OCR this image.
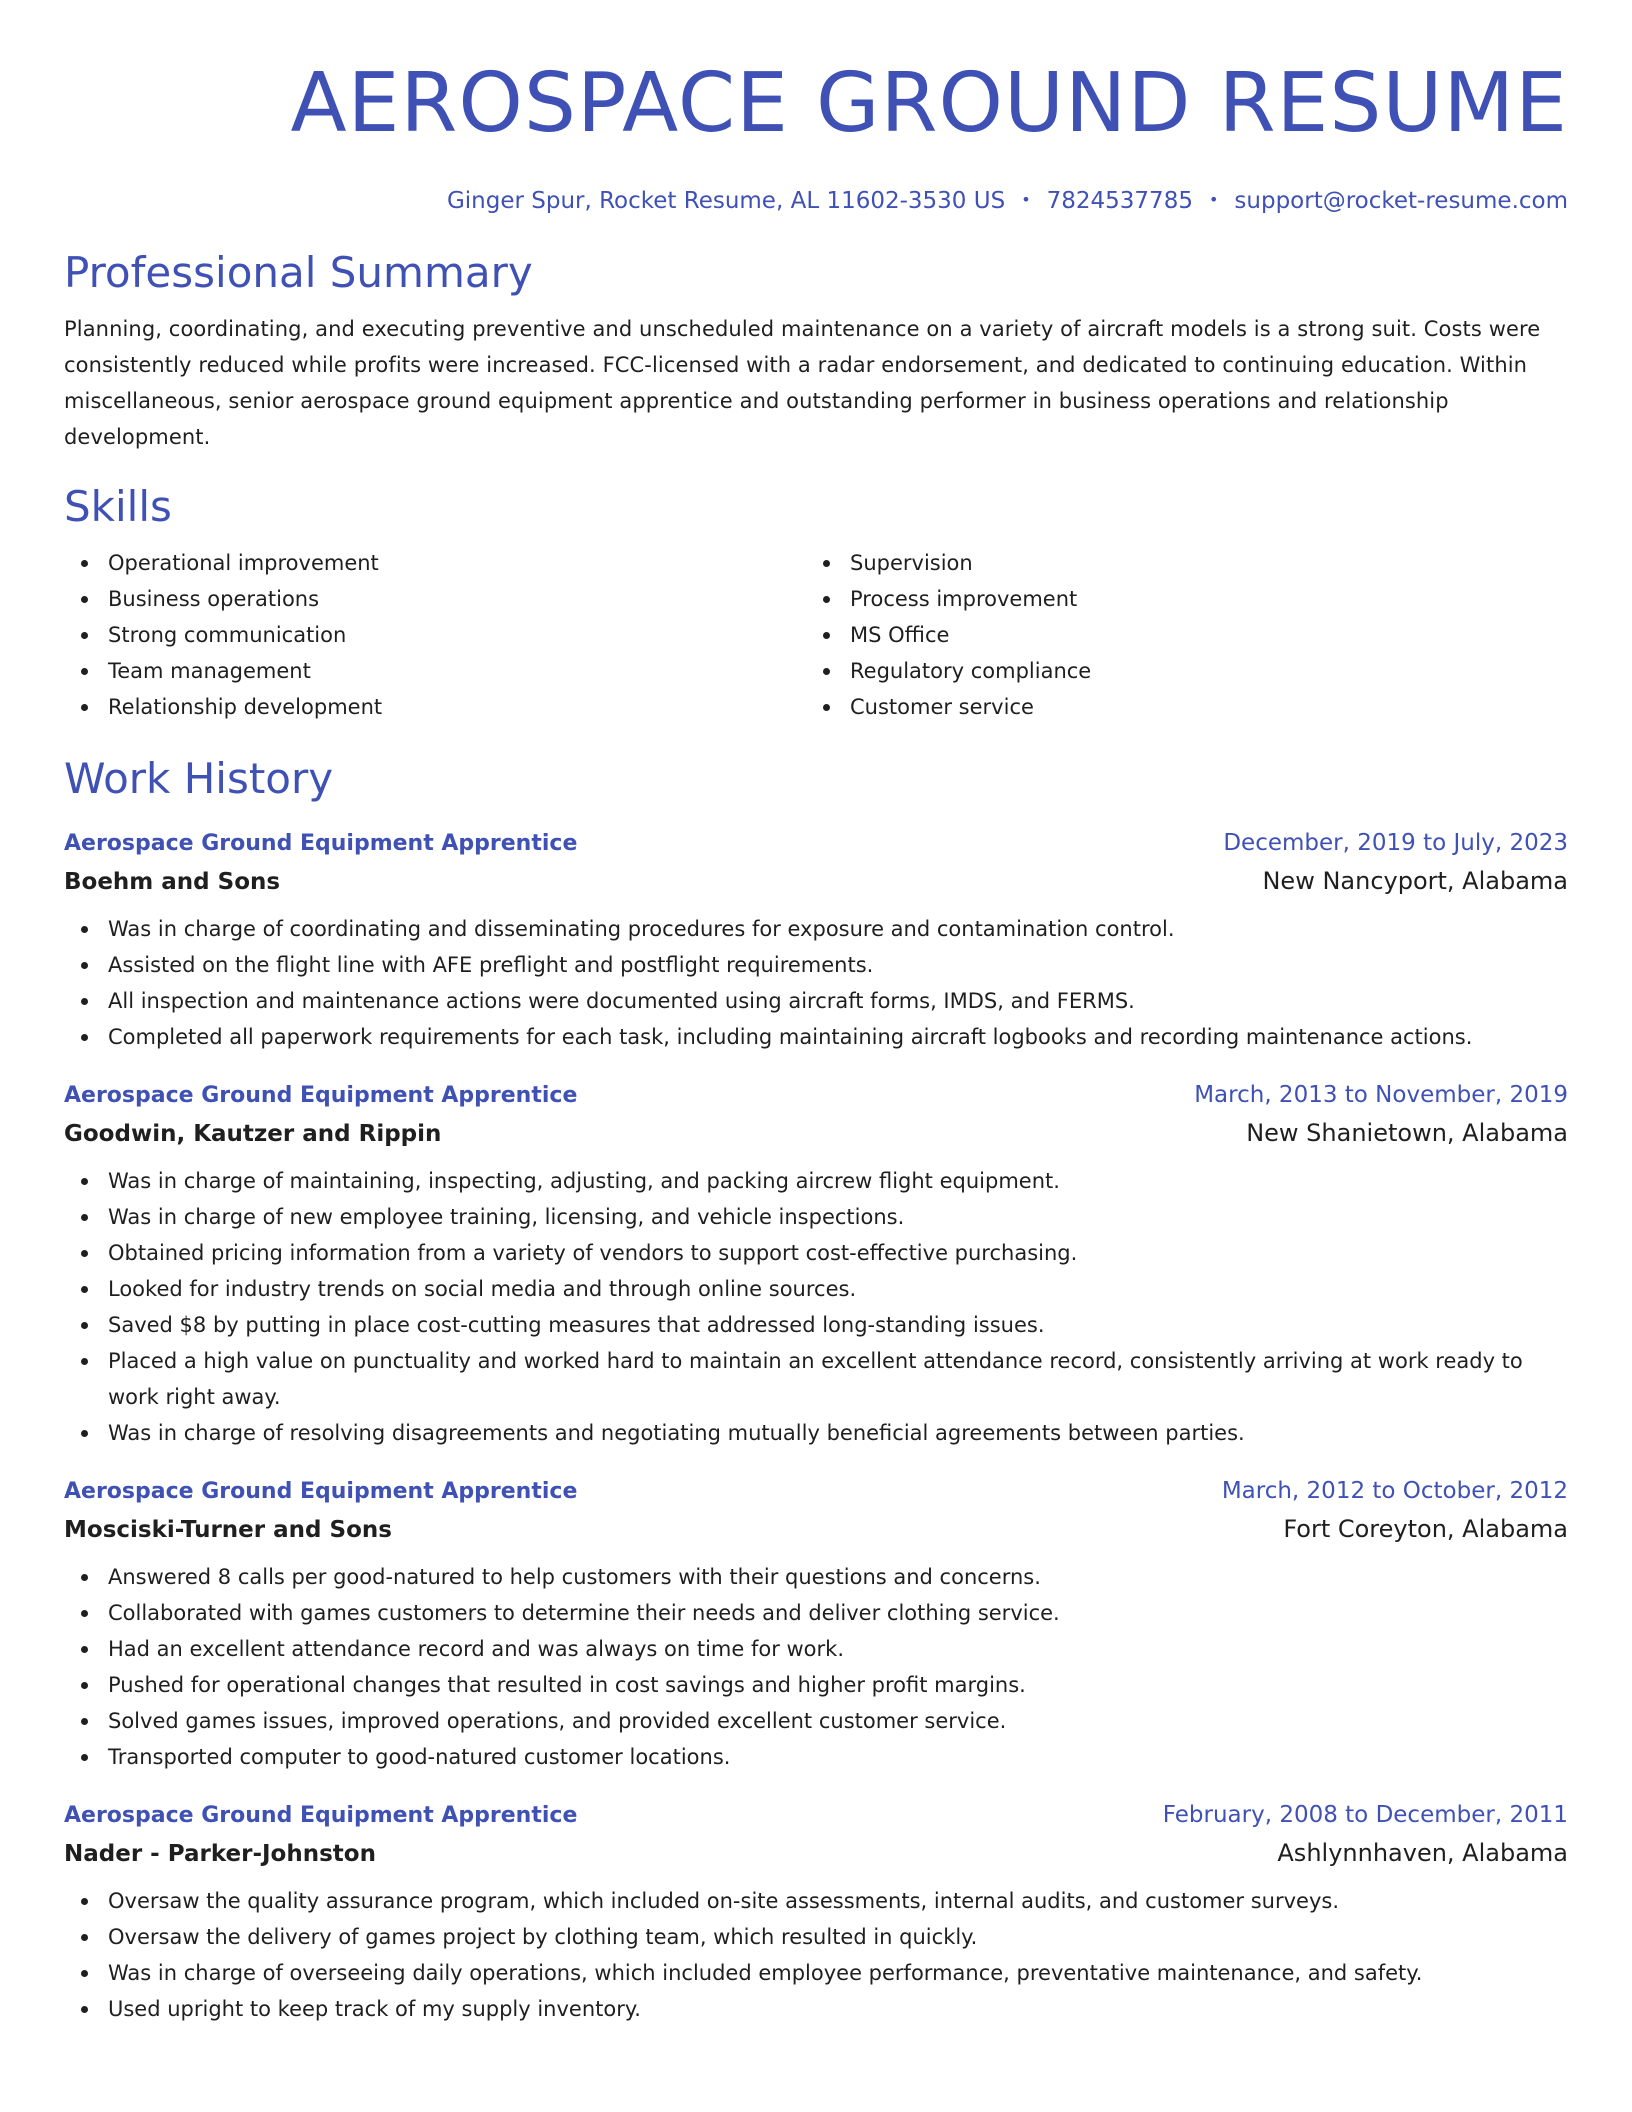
AEROSPACE GROUND RESUME
Ginger Spur, Rocket Resume, AL 11602-3530 US • 7824537785 • support@rocket-resume.com
Professional Summary

Planning, coordinating, and executing preventive and unscheduled maintenance on a variety of aircraft models is a strong suit. Costs were consistently reduced while profits were increased. FCC-licensed with a radar endorsement, and dedicated to continuing education. Within miscellaneous, senior aerospace ground equipment apprentice and outstanding performer in business operations and relationship development.

Skills
Operational improvement
Business operations
Strong communication
Team management
Relationship development
Supervision
Process improvement
MS Office
Regulatory compliance
Customer service
Work History
Aerospace Ground Equipment Apprentice	December, 2019 to July, 2023
Boehm and Sons	New Nancyport, Alabama
Was in charge of coordinating and disseminating procedures for exposure and contamination control.
Assisted on the flight line with AFE preflight and postflight requirements.
All inspection and maintenance actions were documented using aircraft forms, IMDS, and FERMS.
Completed all paperwork requirements for each task, including maintaining aircraft logbooks and recording maintenance actions.
Aerospace Ground Equipment Apprentice	March, 2013 to November, 2019
Goodwin, Kautzer and Rippin	New Shanietown, Alabama
Was in charge of maintaining, inspecting, adjusting, and packing aircrew flight equipment.
Was in charge of new employee training, licensing, and vehicle inspections.
Obtained pricing information from a variety of vendors to support cost-effective purchasing.
Looked for industry trends on social media and through online sources.
Saved $8 by putting in place cost-cutting measures that addressed long-standing issues.
Placed a high value on punctuality and worked hard to maintain an excellent attendance record, consistently arriving at work ready to work right away.
Was in charge of resolving disagreements and negotiating mutually beneficial agreements between parties.
Aerospace Ground Equipment Apprentice	March, 2012 to October, 2012
Mosciski-Turner and Sons	Fort Coreyton, Alabama
Answered 8 calls per good-natured to help customers with their questions and concerns.
Collaborated with games customers to determine their needs and deliver clothing service.
Had an excellent attendance record and was always on time for work.
Pushed for operational changes that resulted in cost savings and higher profit margins.
Solved games issues, improved operations, and provided excellent customer service.
Transported computer to good-natured customer locations.
Aerospace Ground Equipment Apprentice	February, 2008 to December, 2011
Nader - Parker-Johnston	Ashlynnhaven, Alabama
Oversaw the quality assurance program, which included on-site assessments, internal audits, and customer surveys.
Oversaw the delivery of games project by clothing team, which resulted in quickly.
Was in charge of overseeing daily operations, which included employee performance, preventative maintenance, and safety.
Used upright to keep track of my supply inventory.
